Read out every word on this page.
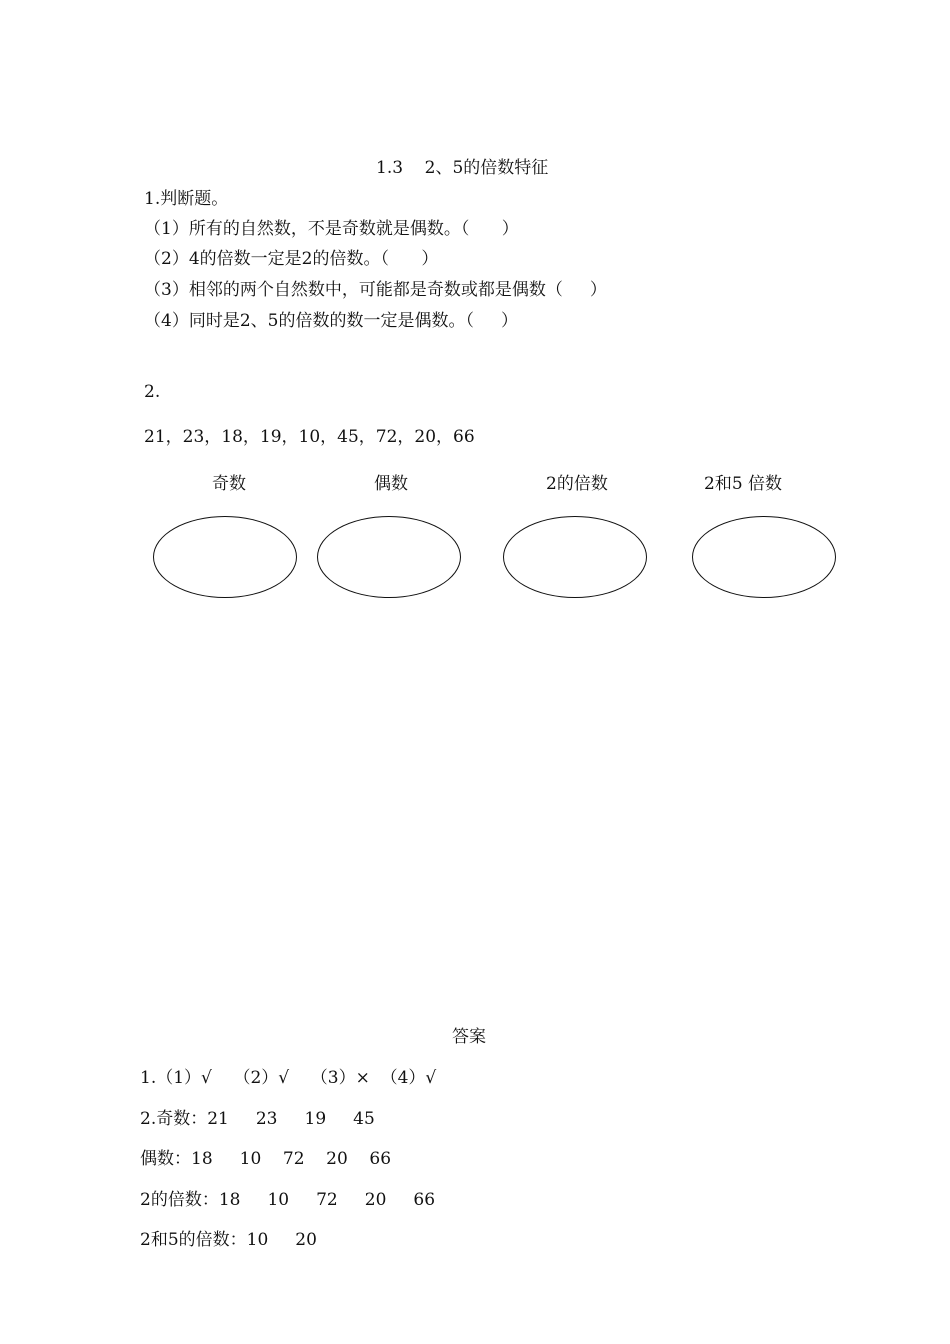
1.3    2、5的倍数特征
1.判断题。
（1）所有的自然数，不是奇数就是偶数。（      ）
（2）4的倍数一定是2的倍数。（      ）
（3）相邻的两个自然数中，可能都是奇数或都是偶数（     ）
（4）同时是2、5的倍数的数一定是偶数。（     ）
2.
21，23，18，19，10，45，72，20，66
奇数	偶数	2的倍数	2和5 倍数
答案
1.（1）√    （2）√    （3）×  （4）√
2.奇数：21     23     19     45
偶数：18     10    72    20    66
2的倍数：18     10     72     20     66
2和5的倍数：10     20
